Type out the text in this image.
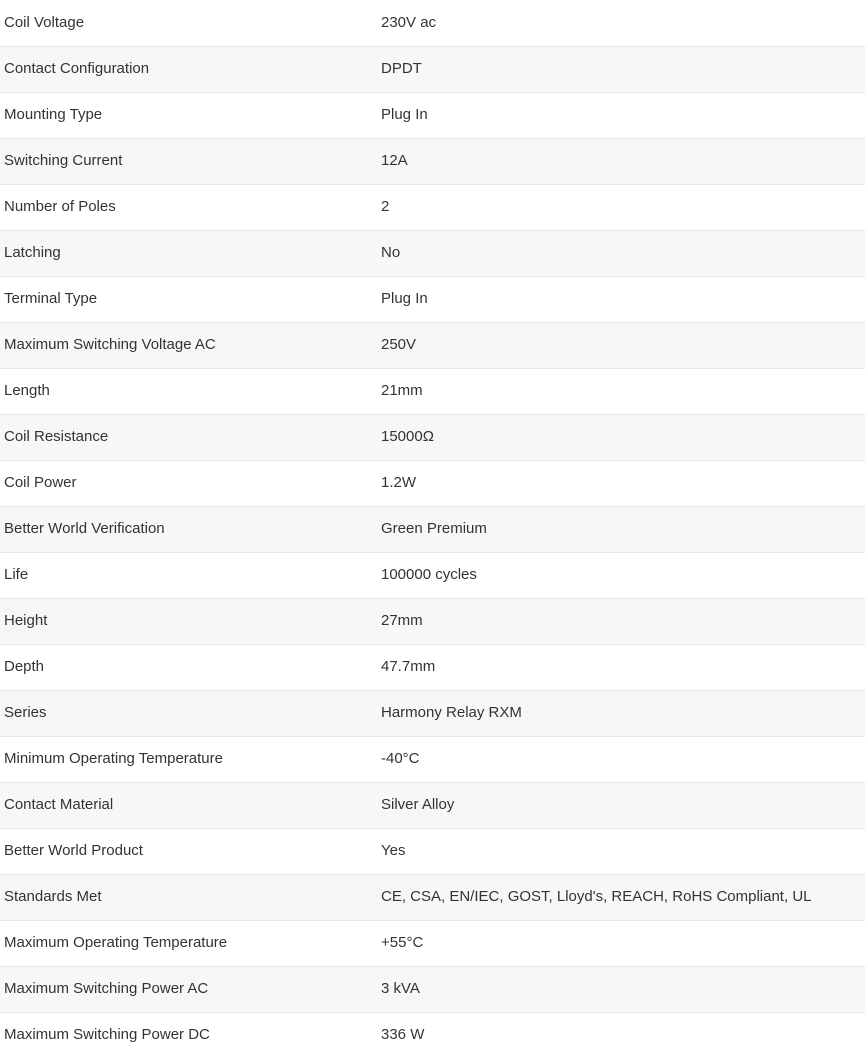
Coil Voltage	230V ac
Contact Configuration	DPDT
Mounting Type	Plug In
Switching Current	12A
Number of Poles	2
Latching	No
Terminal Type	Plug In
Maximum Switching Voltage AC	250V
Length	21mm
Coil Resistance	15000Ω
Coil Power	1.2W
Better World Verification	Green Premium
Life	100000 cycles
Height	27mm
Depth	47.7mm
Series	Harmony Relay RXM
Minimum Operating Temperature	-40°C
Contact Material	Silver Alloy
Better World Product	Yes
Standards Met	CE, CSA, EN/IEC, GOST, Lloyd's, REACH, RoHS Compliant, UL
Maximum Operating Temperature	+55°C
Maximum Switching Power AC	3 kVA
Maximum Switching Power DC	336 W
